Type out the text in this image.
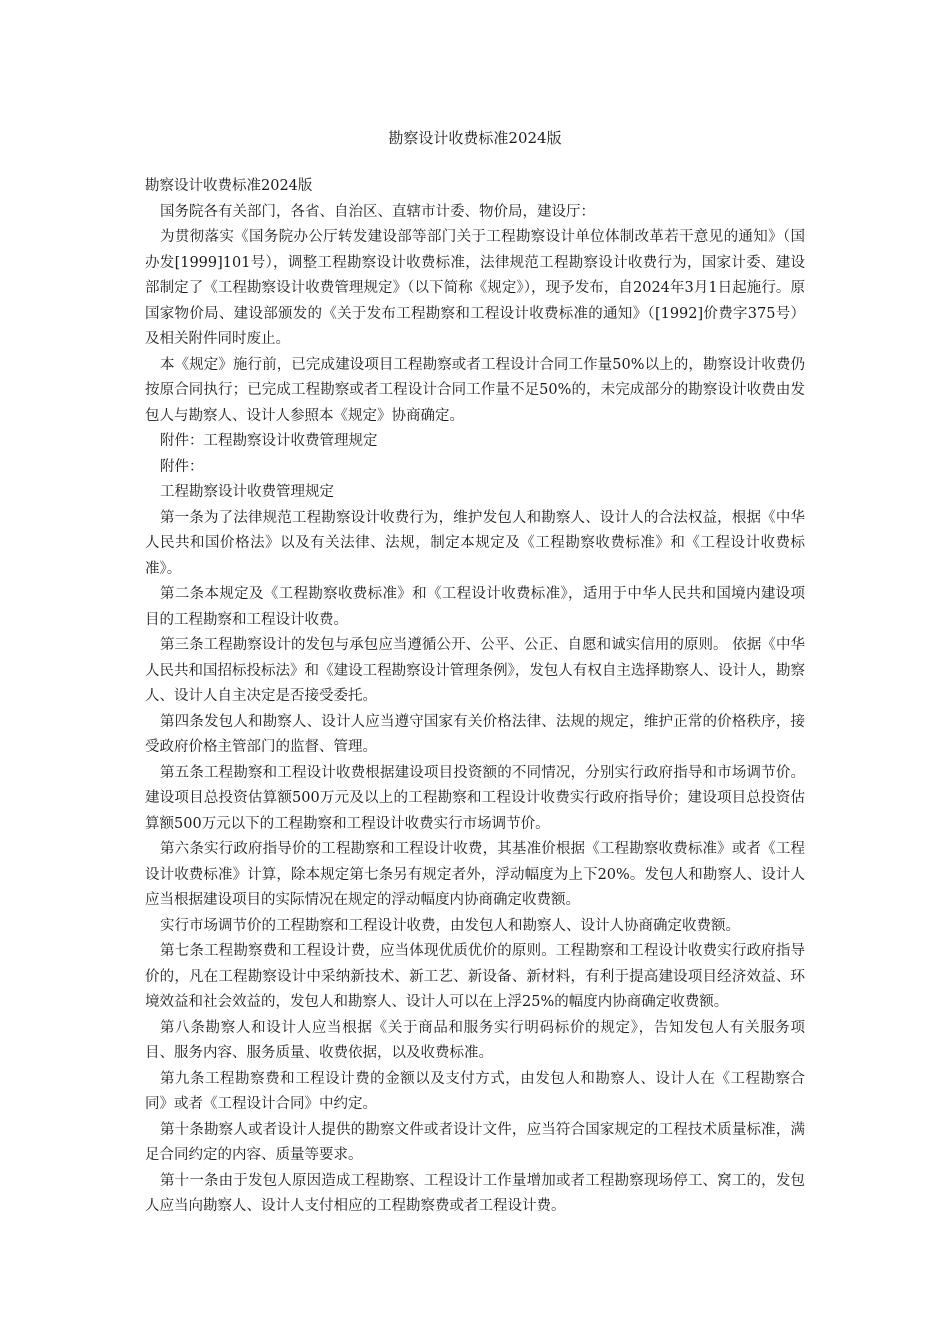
勘察设计收费标准2024版

勘察设计收费标准2024版

国务院各有关部门，各省、自治区、直辖市计委、物价局，建设厅：

为贯彻落实《国务院办公厅转发建设部等部门关于工程勘察设计单位体制改革若干意见的通知》（国办发[1999]101号），调整工程勘察设计收费标准，法律规范工程勘察设计收费行为，国家计委、建设部制定了《工程勘察设计收费管理规定》（以下简称《规定》），现予发布，自2024年3月1日起施行。原国家物价局、建设部颁发的《关于发布工程勘察和工程设计收费标准的通知》（[1992]价费字375号）及相关附件同时废止。

本《规定》施行前，已完成建设项目工程勘察或者工程设计合同工作量50%以上的，勘察设计收费仍按原合同执行；已完成工程勘察或者工程设计合同工作量不足50%的，未完成部分的勘察设计收费由发包人与勘察人、设计人参照本《规定》协商确定。

附件：工程勘察设计收费管理规定

附件：

工程勘察设计收费管理规定

第一条为了法律规范工程勘察设计收费行为，维护发包人和勘察人、设计人的合法权益，根据《中华人民共和国价格法》以及有关法律、法规，制定本规定及《工程勘察收费标准》和《工程设计收费标准》。

第二条本规定及《工程勘察收费标准》和《工程设计收费标准》，适用于中华人民共和国境内建设项目的工程勘察和工程设计收费。

第三条工程勘察设计的发包与承包应当遵循公开、公平、公正、自愿和诚实信用的原则。 依据《中华人民共和国招标投标法》和《建设工程勘察设计管理条例》，发包人有权自主选择勘察人、设计人，勘察人、设计人自主决定是否接受委托。

第四条发包人和勘察人、设计人应当遵守国家有关价格法律、法规的规定，维护正常的价格秩序，接受政府价格主管部门的监督、管理。

第五条工程勘察和工程设计收费根据建设项目投资额的不同情况，分别实行政府指导和市场调节价。建设项目总投资估算额500万元及以上的工程勘察和工程设计收费实行政府指导价；建设项目总投资估算额500万元以下的工程勘察和工程设计收费实行市场调节价。

第六条实行政府指导价的工程勘察和工程设计收费，其基准价根据《工程勘察收费标准》或者《工程设计收费标准》计算，除本规定第七条另有规定者外，浮动幅度为上下20%。发包人和勘察人、设计人应当根据建设项目的实际情况在规定的浮动幅度内协商确定收费额。

实行市场调节价的工程勘察和工程设计收费，由发包人和勘察人、设计人协商确定收费额。

第七条工程勘察费和工程设计费，应当体现优质优价的原则。工程勘察和工程设计收费实行政府指导价的，凡在工程勘察设计中采纳新技术、新工艺、新设备、新材料，有利于提高建设项目经济效益、环境效益和社会效益的，发包人和勘察人、设计人可以在上浮25%的幅度内协商确定收费额。

第八条勘察人和设计人应当根据《关于商品和服务实行明码标价的规定》，告知发包人有关服务项目、服务内容、服务质量、收费依据，以及收费标准。

第九条工程勘察费和工程设计费的金额以及支付方式，由发包人和勘察人、设计人在《工程勘察合同》或者《工程设计合同》中约定。

第十条勘察人或者设计人提供的勘察文件或者设计文件，应当符合国家规定的工程技术质量标准，满足合同约定的内容、质量等要求。

第十一条由于发包人原因造成工程勘察、工程设计工作量增加或者工程勘察现场停工、窝工的，发包人应当向勘察人、设计人支付相应的工程勘察费或者工程设计费。
